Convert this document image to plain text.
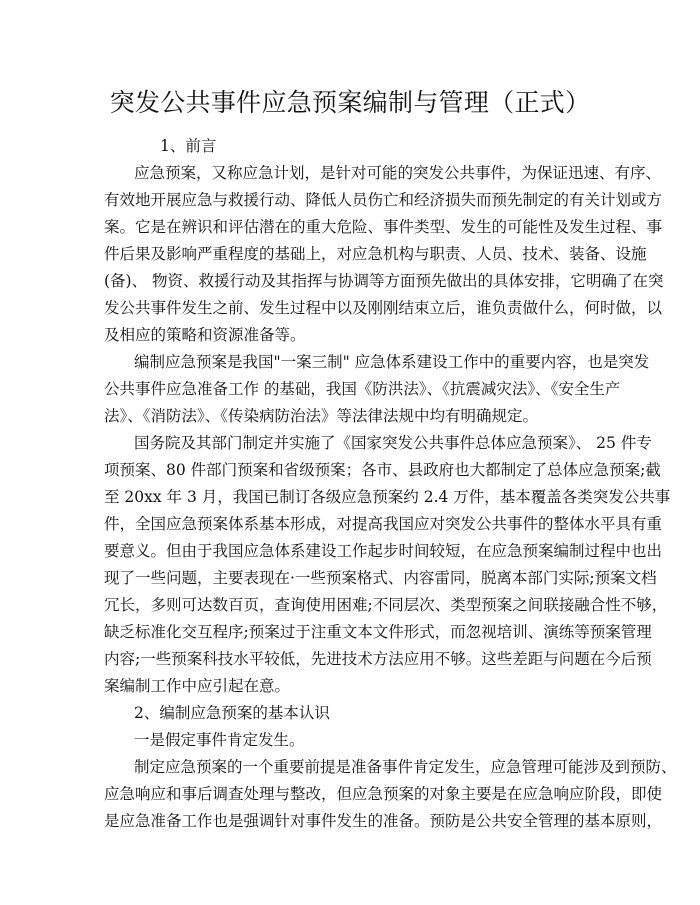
突发公共事件应急预案编制与管理（正式）

1、前言

应急预案，又称应急计划，是针对可能的突发公共事件，为保证迅速、有序、

有效地开展应急与救援行动、降低人员伤亡和经济损失而预先制定的有关计划或方

案。它是在辨识和评估潜在的重大危险、事件类型、发生的可能性及发生过程、事

件后果及影响严重程度的基础上，对应急机构与职责、人员、技术、装备、设施

(备)、 物资、救援行动及其指挥与协调等方面预先做出的具体安排，它明确了在突

发公共事件发生之前、发生过程中以及刚刚结束立后，谁负责做什么，何时做，以

及相应的策略和资源准备等。

编制应急预案是我国"一案三制" 应急体系建设工作中的重要内容，也是突发

公共事件应急准备工作 的基础，我国《防洪法》、《抗震减灾法》、《安全生产

法》、《消防法》、《传染病防治法》等法律法规中均有明确规定。

国务院及其部门制定并实施了《国家突发公共事件总体应急预案》、 25 件专

项预案、80 件部门预案和省级预案；各市、县政府也大都制定了总体应急预案;截

至 20xx 年 3 月，我国已制订各级应急预案约 2.4 万件，基本覆盖各类突发公共事

件，全国应急预案体系基本形成，对提高我国应对突发公共事件的整体水平具有重

要意义。但由于我国应急体系建设工作起步时间较短，在应急预案编制过程中也出

现了一些问题，主要表现在·一些预案格式、内容雷同，脱离本部门实际;预案文档

冗长，多则可达数百页，查询使用困难;不同层次、类型预案之间联接融合性不够，

缺乏标准化交互程序;预案过于注重文本文件形式，而忽视培训、演练等预案管理

内容;一些预案科技水平较低，先进技术方法应用不够。这些差距与问题在今后预

案编制工作中应引起在意。

2、编制应急预案的基本认识

一是假定事件肯定发生。

制定应急预案的一个重要前提是准备事件肯定发生，应急管理可能涉及到预防、

应急响应和事后调查处理与整改，但应急预案的对象主要是在应急响应阶段，即使

是应急准备工作也是强调针对事件发生的准备。预防是公共安全管理的基本原则，
